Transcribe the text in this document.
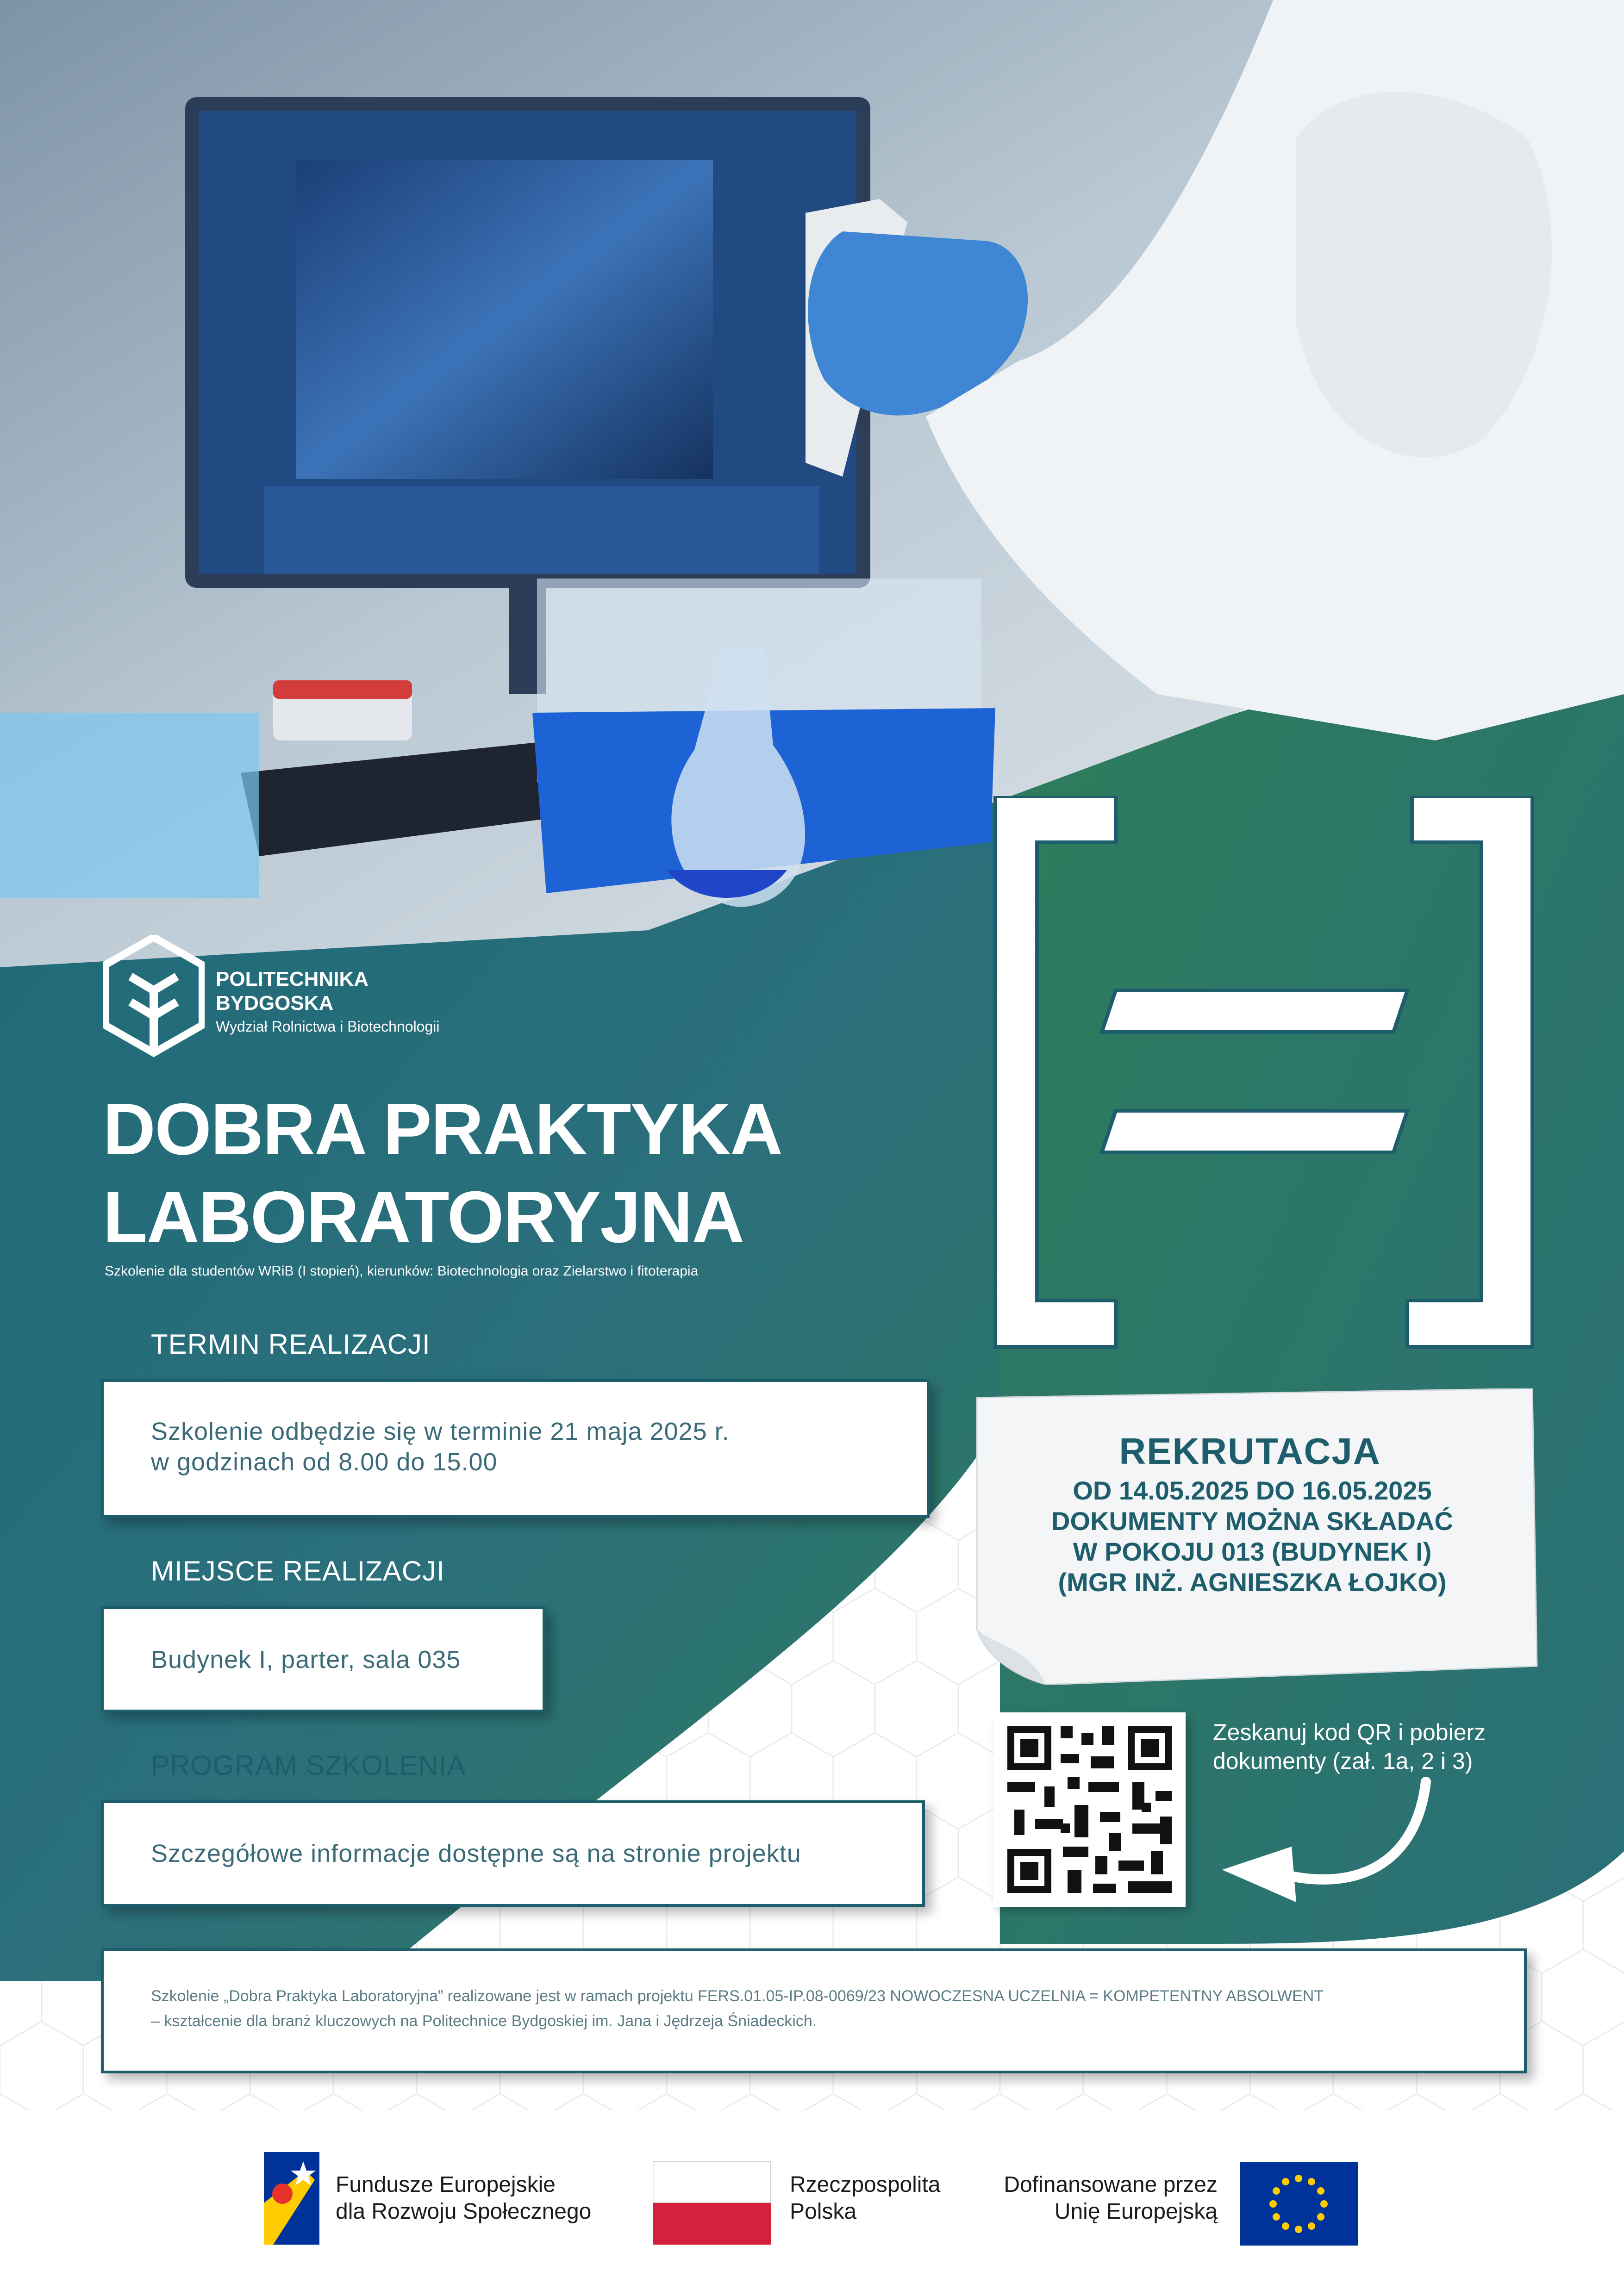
POLITECHNIKA
BYDGOSKA
Wydział Rolnictwa i Biotechnologii
DOBRA PRAKTYKA
LABORATORYJNA
Szkolenie dla studentów WRiB (I stopień), kierunków: Biotechnologia oraz Zielarstwo i fitoterapia
TERMIN REALIZACJI
Szkolenie odbędzie się w terminie 21 maja 2025 r.
w godzinach od 8.00 do 15.00
MIEJSCE REALIZACJI
Budynek I, parter, sala 035
PROGRAM SZKOLENIA
Szczegółowe informacje dostępne są na stronie projektu
REKRUTACJA
OD 14.05.2025 DO 16.05.2025
DOKUMENTY MOŻNA SKŁADAĆ
W POKOJU 013 (BUDYNEK I)
(MGR INŻ. AGNIESZKA ŁOJKO)
Zeskanuj kod QR i pobierz
dokumenty (zał. 1a, 2 i 3)
Szkolenie „Dobra Praktyka Laboratoryjna” realizowane jest w ramach projektu FERS.01.05-IP.08-0069/23 NOWOCZESNA UCZELNIA = KOMPETENTNY ABSOLWENT
– kształcenie dla branż kluczowych na Politechnice Bydgoskiej im. Jana i Jędrzeja Śniadeckich.
Fundusze Europejskie
dla Rozwoju Społecznego
Rzeczpospolita
Polska
Dofinansowane przez
Unię Europejską
